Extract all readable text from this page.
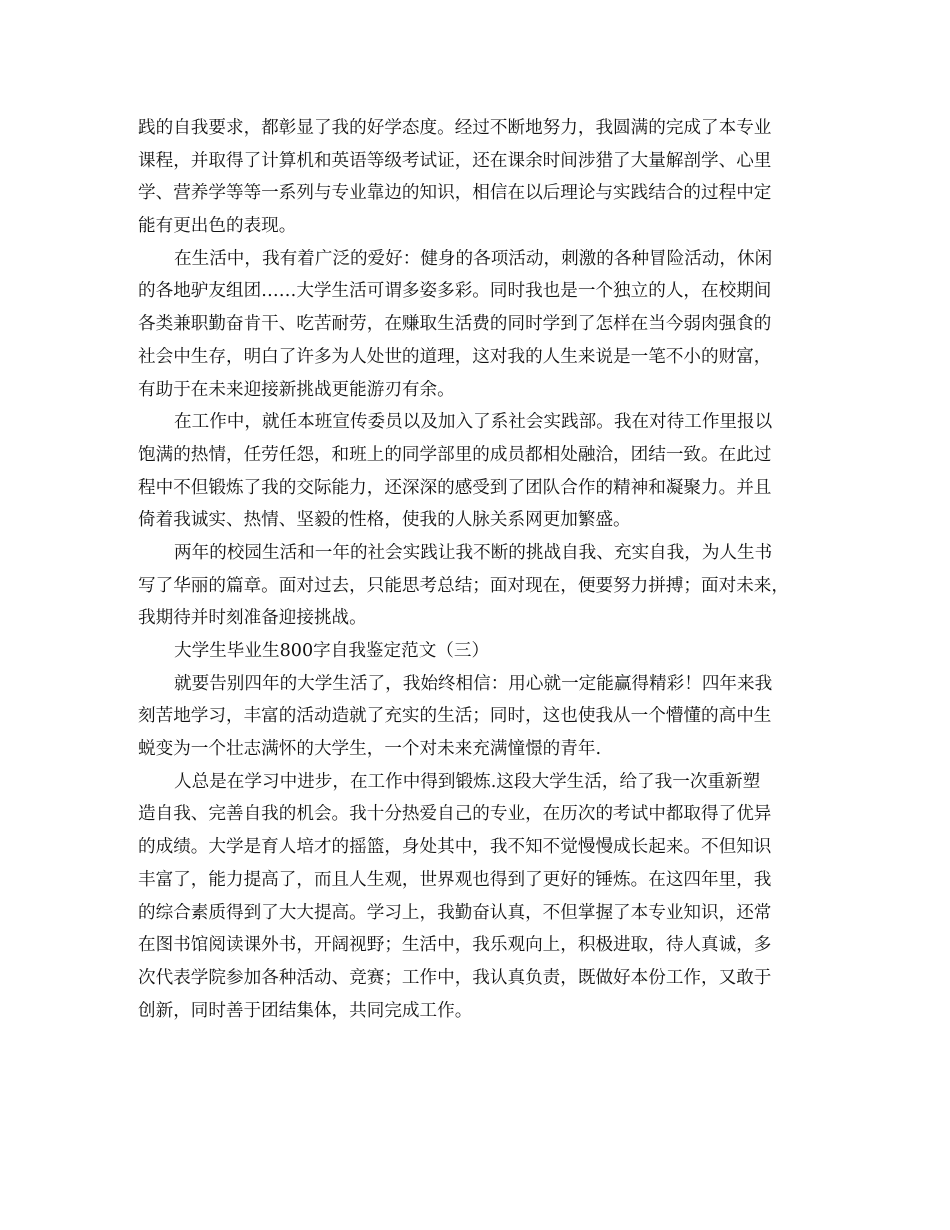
践的自我要求，都彰显了我的好学态度。经过不断地努力，我圆满的完成了本专业
课程，并取得了计算机和英语等级考试证，还在课余时间涉猎了大量解剖学、心里
学、营养学等等一系列与专业靠边的知识，相信在以后理论与实践结合的过程中定
能有更出色的表现。
在生活中，我有着广泛的爱好：健身的各项活动，刺激的各种冒险活动，休闲
的各地驴友组团……大学生活可谓多姿多彩。同时我也是一个独立的人，在校期间
各类兼职勤奋肯干、吃苦耐劳，在赚取生活费的同时学到了怎样在当今弱肉强食的
社会中生存，明白了许多为人处世的道理，这对我的人生来说是一笔不小的财富，
有助于在未来迎接新挑战更能游刃有余。
在工作中，就任本班宣传委员以及加入了系社会实践部。我在对待工作里报以
饱满的热情，任劳任怨，和班上的同学部里的成员都相处融洽，团结一致。在此过
程中不但锻炼了我的交际能力，还深深的感受到了团队合作的精神和凝聚力。并且
倚着我诚实、热情、坚毅的性格，使我的人脉关系网更加繁盛。
两年的校园生活和一年的社会实践让我不断的挑战自我、充实自我，为人生书
写了华丽的篇章。面对过去，只能思考总结；面对现在，便要努力拼搏；面对未来，
我期待并时刻准备迎接挑战。
大学生毕业生800字自我鉴定范文（三）
就要告别四年的大学生活了，我始终相信：用心就一定能赢得精彩！四年来我
刻苦地学习，丰富的活动造就了充实的生活；同时，这也使我从一个懵懂的高中生
蜕变为一个壮志满怀的大学生，一个对未来充满憧憬的青年.
人总是在学习中进步，在工作中得到锻炼.这段大学生活，给了我一次重新塑
造自我、完善自我的机会。我十分热爱自己的专业，在历次的考试中都取得了优异
的成绩。大学是育人培才的摇篮，身处其中，我不知不觉慢慢成长起来。不但知识
丰富了，能力提高了，而且人生观，世界观也得到了更好的锤炼。在这四年里，我
的综合素质得到了大大提高。学习上，我勤奋认真，不但掌握了本专业知识，还常
在图书馆阅读课外书，开阔视野；生活中，我乐观向上，积极进取，待人真诚，多
次代表学院参加各种活动、竞赛；工作中，我认真负责，既做好本份工作，又敢于
创新，同时善于团结集体，共同完成工作。
